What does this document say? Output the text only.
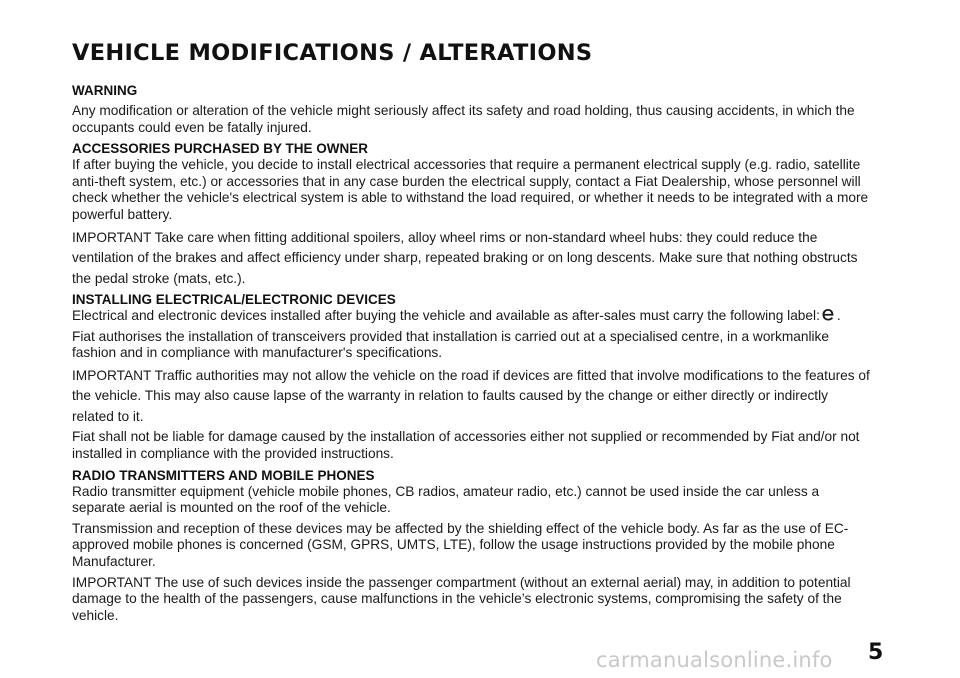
VEHICLE MODIFICATIONS / ALTERATIONS

WARNING

Any modification or alteration of the vehicle might seriously affect its safety and road holding, thus causing accidents, in which the occupants could even be fatally injured.

ACCESSORIES PURCHASED BY THE OWNER

If after buying the vehicle, you decide to install electrical accessories that require a permanent electrical supply (e.g. radio, satellite anti-theft system, etc.) or accessories that in any case burden the electrical supply, contact a Fiat Dealership, whose personnel will check whether the vehicle's electrical system is able to withstand the load required, or whether it needs to be integrated with a more powerful battery.

IMPORTANT Take care when fitting additional spoilers, alloy wheel rims or non-standard wheel hubs: they could reduce the ventilation of the brakes and affect efficiency under sharp, repeated braking or on long descents. Make sure that nothing obstructs the pedal stroke (mats, etc.).

INSTALLING ELECTRICAL/ELECTRONIC DEVICES

Electrical and electronic devices installed after buying the vehicle and available as after-sales must carry the following label: .

Fiat authorises the installation of transceivers provided that installation is carried out at a specialised centre, in a workmanlike fashion and in compliance with manufacturer's specifications.

IMPORTANT Traffic authorities may not allow the vehicle on the road if devices are fitted that involve modifications to the features of the vehicle. This may also cause lapse of the warranty in relation to faults caused by the change or either directly or indirectly related to it.

Fiat shall not be liable for damage caused by the installation of accessories either not supplied or recommended by Fiat and/or not installed in compliance with the provided instructions.

RADIO TRANSMITTERS AND MOBILE PHONES

Radio transmitter equipment (vehicle mobile phones, CB radios, amateur radio, etc.) cannot be used inside the car unless a separate aerial is mounted on the roof of the vehicle.

Transmission and reception of these devices may be affected by the shielding effect of the vehicle body. As far as the use of EC-approved mobile phones is concerned (GSM, GPRS, UMTS, LTE), follow the usage instructions provided by the mobile phone Manufacturer.

IMPORTANT The use of such devices inside the passenger compartment (without an external aerial) may, in addition to potential damage to the health of the passengers, cause malfunctions in the vehicle’s electronic systems, compromising the safety of the vehicle.

carmanualsonline.info 5
